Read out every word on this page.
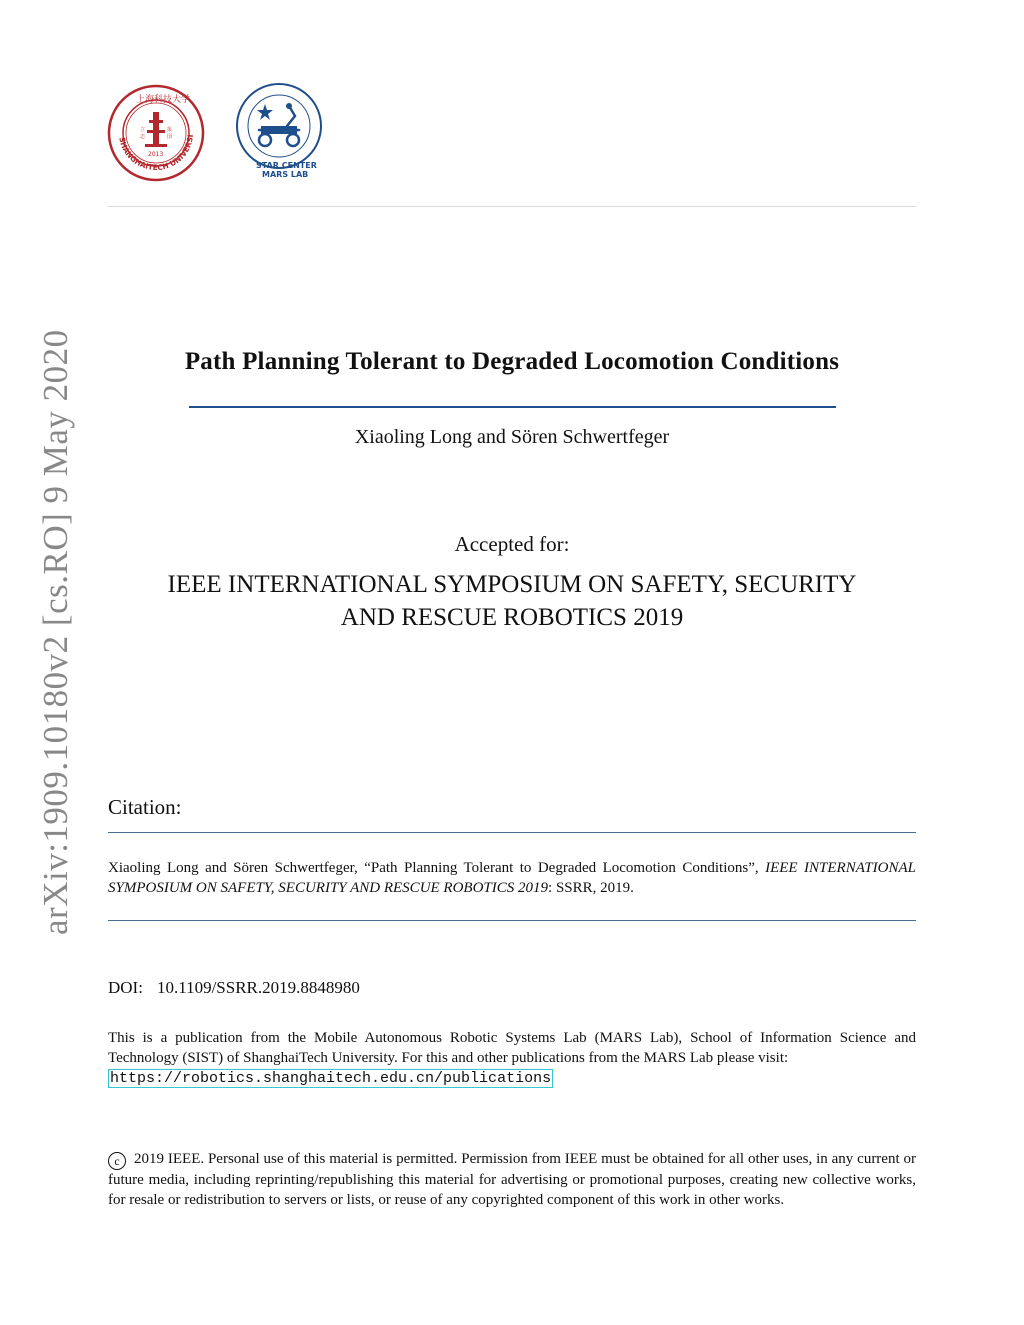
立
志
报
国
2013
上海科技大学
SHANGHAITECH UNIVERSI
STAR CENTER
MARS LAB
Path Planning Tolerant to Degraded Locomotion Conditions
Xiaoling Long and Sören Schwertfeger
Accepted for:
IEEE INTERNATIONAL SYMPOSIUM ON SAFETY, SECURITY
AND RESCUE ROBOTICS 2019
arXiv:1909.10180v2 [cs.RO] 9 May 2020 Citation:
Xiaoling Long and Sören Schwertfeger, “Path Planning Tolerant to Degraded Locomotion Conditions”, IEEE INTERNATIONAL SYMPOSIUM ON SAFETY, SECURITY AND RESCUE ROBOTICS 2019: SSRR, 2019.
DOI: 10.1109/SSRR.2019.8848980
This is a publication from the Mobile Autonomous Robotic Systems Lab (MARS Lab), School of Information Science and Technology (SIST) of ShanghaiTech University. For this and other publications from the MARS Lab please visit:
https://robotics.shanghaitech.edu.cn/publications
c 2019 IEEE. Personal use of this material is permitted. Permission from IEEE must be obtained for all other uses, in any current or future media, including reprinting/republishing this material for advertising or promotional purposes, creating new collective works, for resale or redistribution to servers or lists, or reuse of any copyrighted component of this work in other works.
